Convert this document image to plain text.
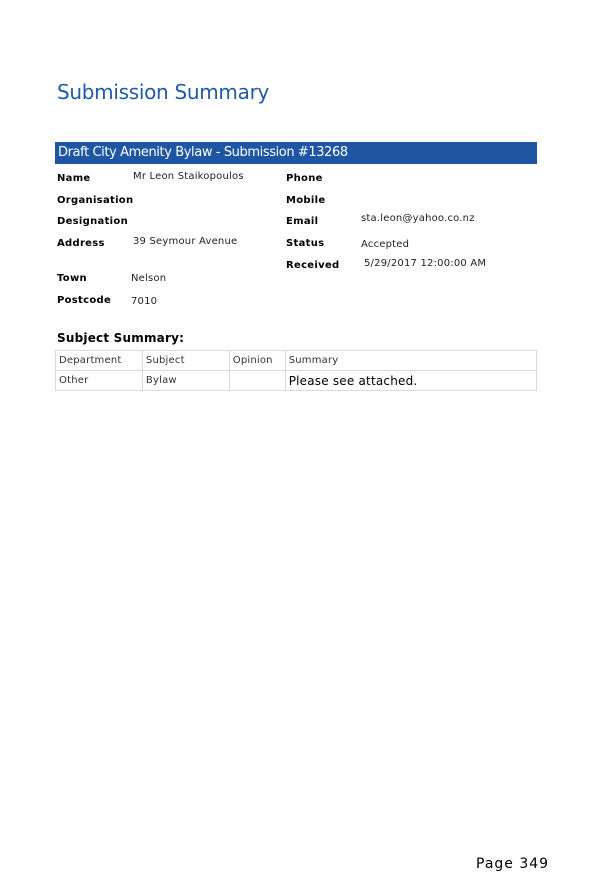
Submission Summary
Draft City Amenity Bylaw - Submission #13268
Name	Mr Leon Staikopoulos
Organisation
Designation
Address	39 Seymour Avenue
Town	Nelson
Postcode 7010
Phone
Mobile
Email	sta.leon@yahoo.co.nz
Status	Accepted
Received 5/29/2017 12:00:00 AM
Subject Summary:
Department	Subject	Opinion	Summary
Other	Bylaw		Please see attached.
Page 349
